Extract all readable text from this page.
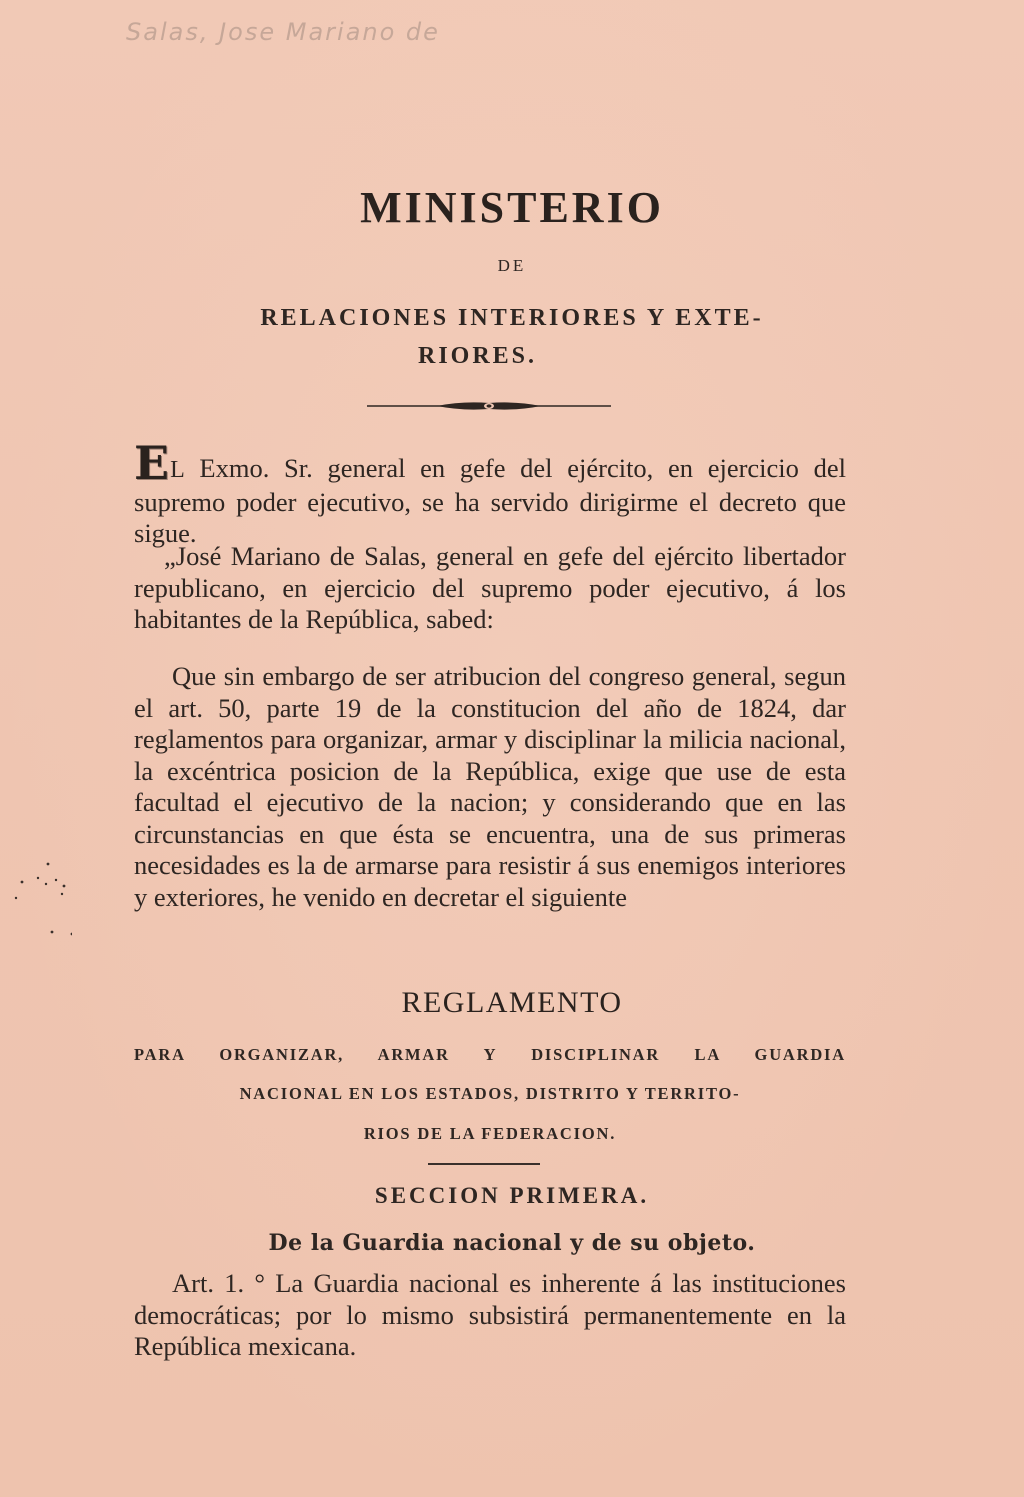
Salas, Jose Mariano de
MINISTERIO
DE
RELACIONES INTERIORES Y EXTE-
RIORES.
EL Exmo. Sr. general en gefe del ejército, en ejercicio del supremo poder ejecutivo, se ha servido dirigirme el decreto que sigue.
„José Mariano de Salas, general en gefe del ejército libertador republicano, en ejercicio del supremo poder ejecutivo, á los habitantes de la República, sabed:
Que sin embargo de ser atribucion del congreso general, segun el art. 50, parte 19 de la constitucion del año de 1824, dar reglamentos para organizar, armar y disciplinar la milicia nacional, la excéntrica posicion de la República, exige que use de esta facultad el ejecutivo de la nacion; y considerando que en las circunstancias en que ésta se encuentra, una de sus primeras necesidades es la de armarse para resistir á sus enemigos interiores y exteriores, he venido en decretar el siguiente
REGLAMENTO
PARA ORGANIZAR, ARMAR Y DISCIPLINAR LA GUARDIA
NACIONAL EN LOS ESTADOS, DISTRITO Y TERRITO-
RIOS DE LA FEDERACION.
SECCION PRIMERA.
De la Guardia nacional y de su objeto.
Art. 1. ° La Guardia nacional es inherente á las instituciones democráticas; por lo mismo subsistirá permanentemente en la República mexicana.
